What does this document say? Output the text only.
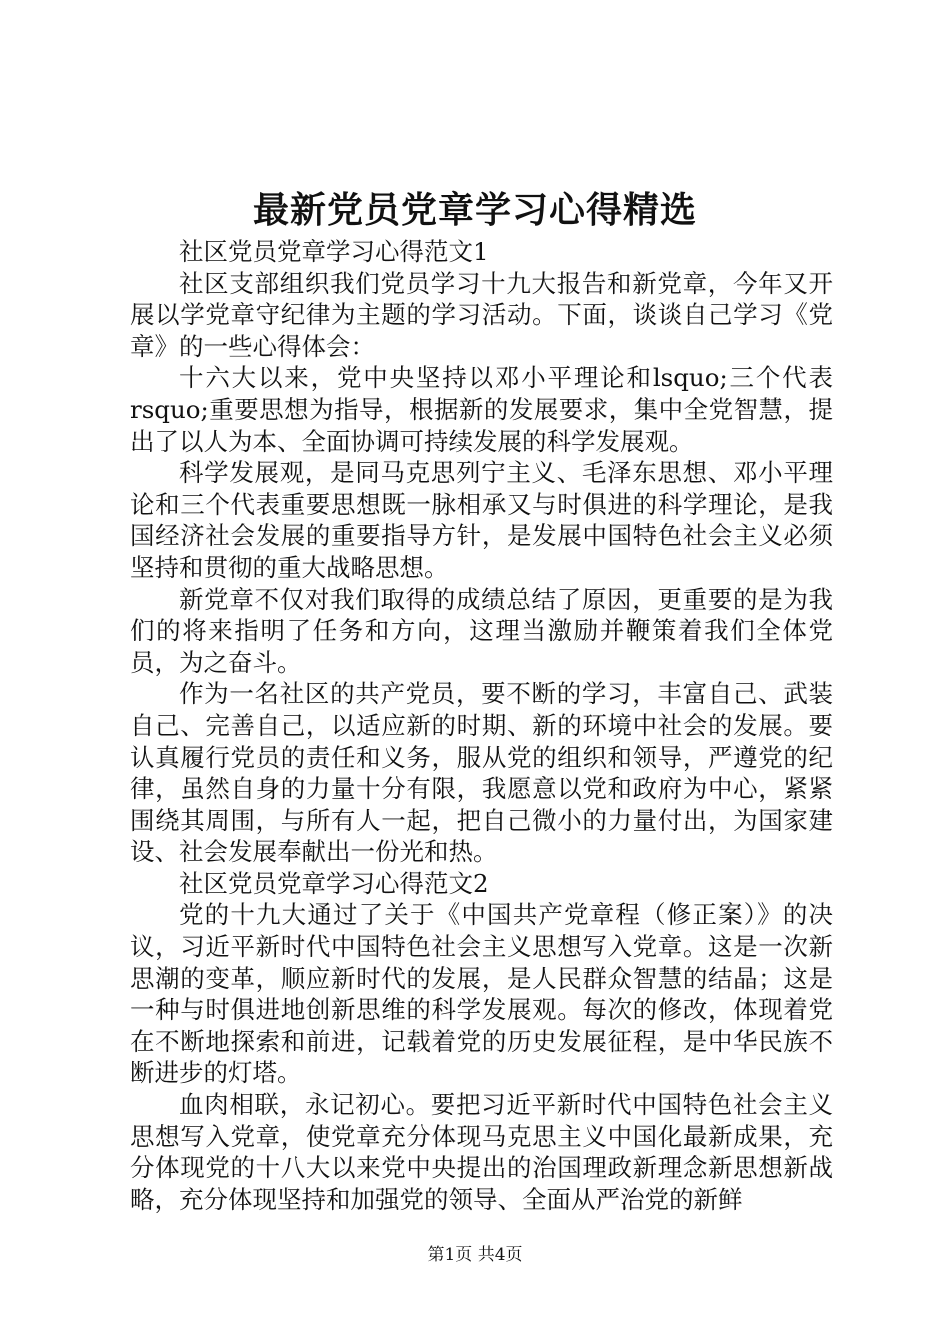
最新党员党章学习心得精选

社区党员党章学习心得范文1

社区支部组织我们党员学习十九大报告和新党章，今年又开展以学党章守纪律为主题的学习活动。下面，谈谈自己学习《党章》的一些心得体会：

十六大以来，党中央坚持以邓小平理论和lsquo;三个代表rsquo;重要思想为指导，根据新的发展要求，集中全党智慧，提出了以人为本、全面协调可持续发展的科学发展观。

科学发展观，是同马克思列宁主义、毛泽东思想、邓小平理论和三个代表重要思想既一脉相承又与时俱进的科学理论，是我国经济社会发展的重要指导方针，是发展中国特色社会主义必须坚持和贯彻的重大战略思想。

新党章不仅对我们取得的成绩总结了原因，更重要的是为我们的将来指明了任务和方向，这理当激励并鞭策着我们全体党员，为之奋斗。

作为一名社区的共产党员，要不断的学习，丰富自己、武装自己、完善自己，以适应新的时期、新的环境中社会的发展。要认真履行党员的责任和义务，服从党的组织和领导，严遵党的纪律，虽然自身的力量十分有限，我愿意以党和政府为中心，紧紧围绕其周围，与所有人一起，把自己微小的力量付出，为国家建设、社会发展奉献出一份光和热。

社区党员党章学习心得范文2

党的十九大通过了关于《中国共产党章程（修正案）》的决议，习近平新时代中国特色社会主义思想写入党章。这是一次新思潮的变革，顺应新时代的发展，是人民群众智慧的结晶；这是一种与时俱进地创新思维的科学发展观。每次的修改，体现着党在不断地探索和前进，记载着党的历史发展征程，是中华民族不断进步的灯塔。

血肉相联，永记初心。要把习近平新时代中国特色社会主义思想写入党章，使党章充分体现马克思主义中国化最新成果，充分体现党的十八大以来党中央提出的治国理政新理念新思想新战略，充分体现坚持和加强党的领导、全面从严治党的新鲜

第1页 共4页
